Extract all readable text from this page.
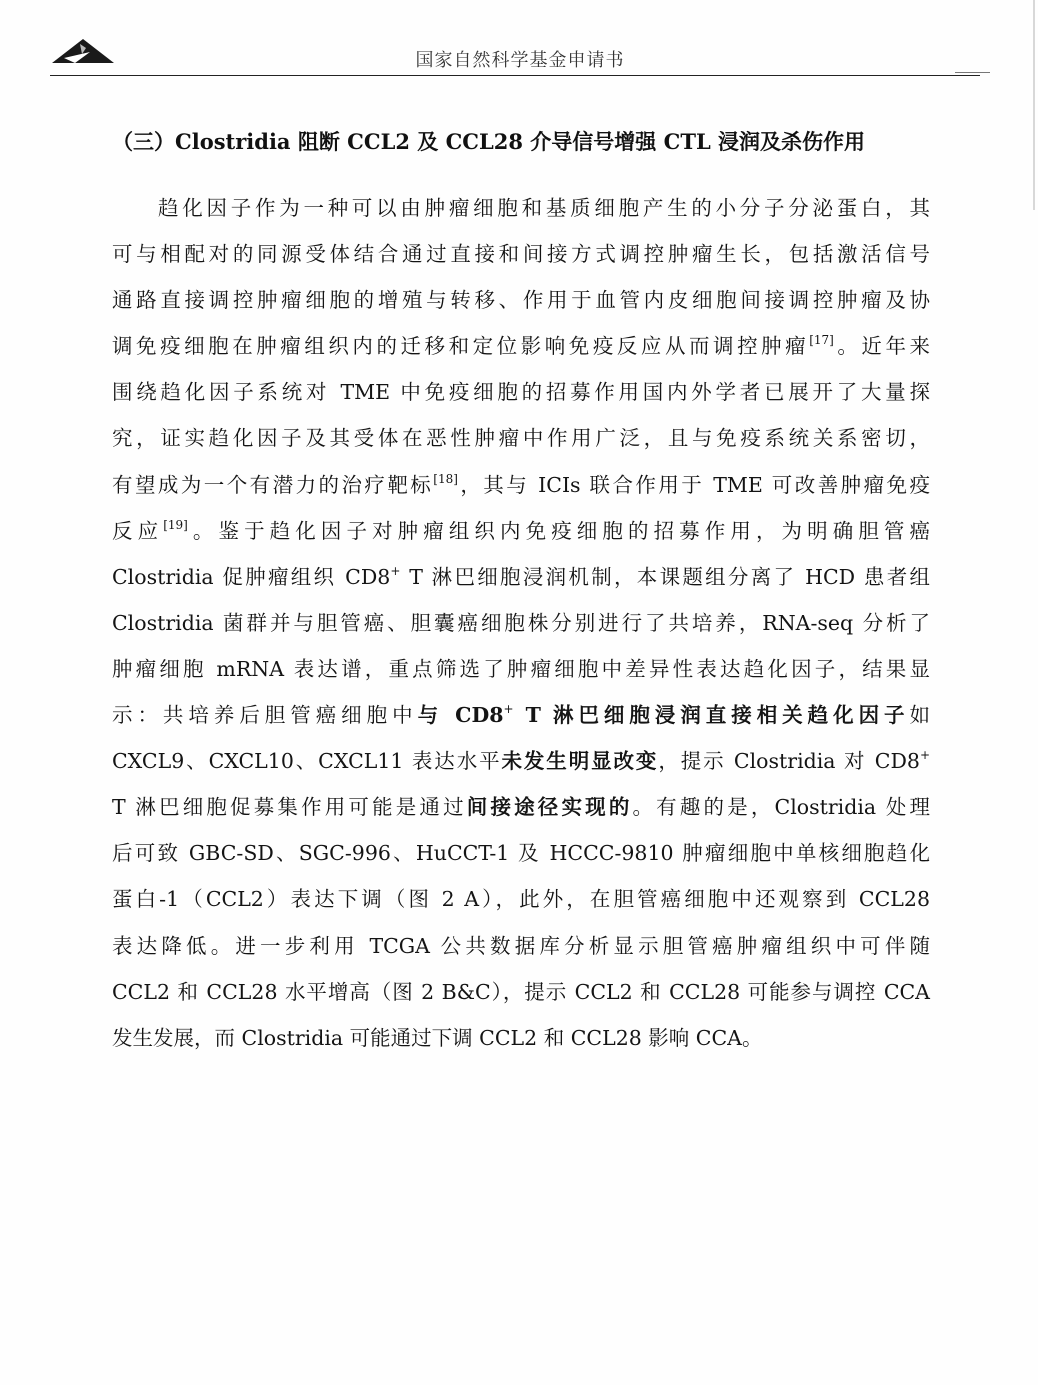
国家自然科学基金申请书
（三）Clostridia 阻断 CCL2 及 CCL28 介导信号增强 CTL 浸润及杀伤作用
趋化因子作为一种可以由肿瘤细胞和基质细胞产生的小分子分泌蛋白，其
可与相配对的同源受体结合通过直接和间接方式调控肿瘤生长，包括激活信号
通路直接调控肿瘤细胞的增殖与转移、作用于血管内皮细胞间接调控肿瘤及协
调免疫细胞在肿瘤组织内的迁移和定位影响免疫反应从而调控肿瘤[17]。近年来
围绕趋化因子系统对 TME 中免疫细胞的招募作用国内外学者已展开了大量探
究，证实趋化因子及其受体在恶性肿瘤中作用广泛，且与免疫系统关系密切，
有望成为一个有潜力的治疗靶标[18]，其与 ICIs 联合作用于 TME 可改善肿瘤免疫
反应[19]。鉴于趋化因子对肿瘤组织内免疫细胞的招募作用，为明确胆管癌
Clostridia 促肿瘤组织 CD8+ T 淋巴细胞浸润机制，本课题组分离了 HCD 患者组
Clostridia 菌群并与胆管癌、胆囊癌细胞株分别进行了共培养，RNA-seq 分析了
肿瘤细胞 mRNA 表达谱，重点筛选了肿瘤细胞中差异性表达趋化因子，结果显
示：共培养后胆管癌细胞中与 CD8+ T 淋巴细胞浸润直接相关趋化因子如
CXCL9、CXCL10、CXCL11 表达水平未发生明显改变，提示 Clostridia 对 CD8+
T 淋巴细胞促募集作用可能是通过间接途径实现的。有趣的是，Clostridia 处理
后可致 GBC-SD、SGC-996、HuCCT-1 及 HCCC-9810 肿瘤细胞中单核细胞趋化
蛋白-1（CCL2）表达下调（图 2 A），此外，在胆管癌细胞中还观察到 CCL28
表达降低。进一步利用 TCGA 公共数据库分析显示胆管癌肿瘤组织中可伴随
CCL2 和 CCL28 水平增高（图 2 B&C），提示 CCL2 和 CCL28 可能参与调控 CCA
发生发展，而 Clostridia 可能通过下调 CCL2 和 CCL28 影响 CCA。
